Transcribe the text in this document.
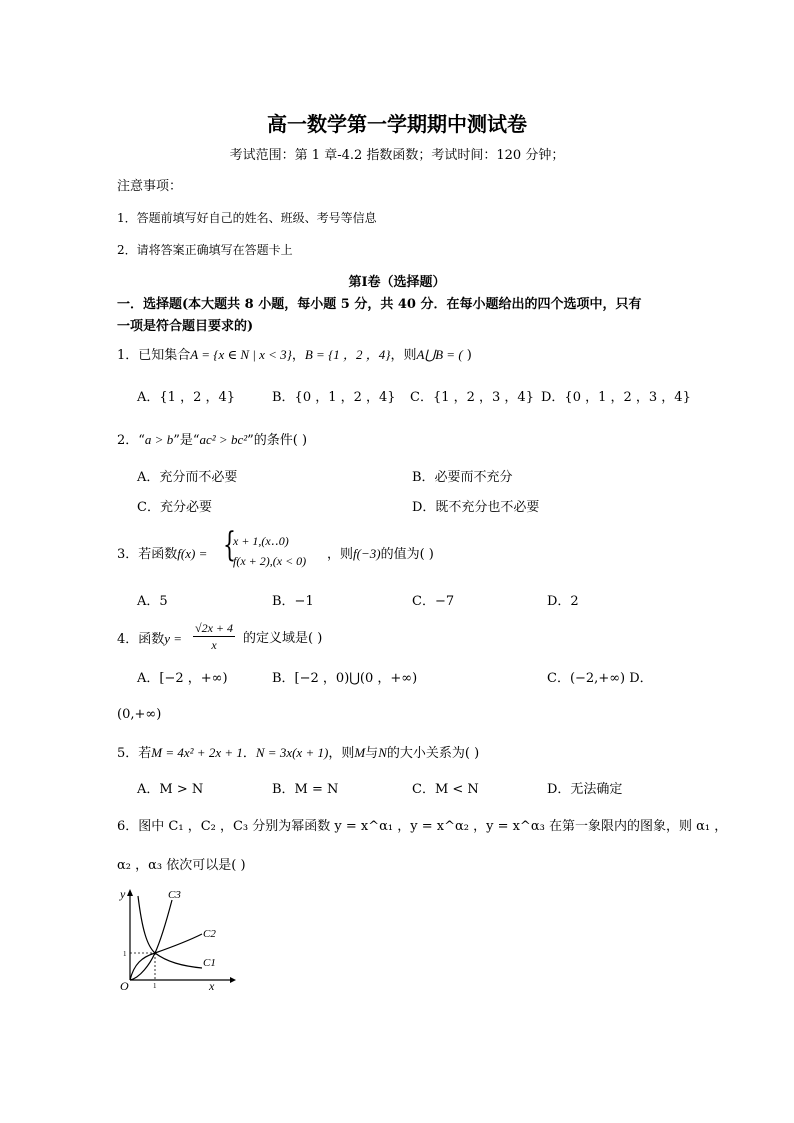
高一数学第一学期期中测试卷
考试范围：第 1 章-4.2 指数函数；考试时间：120 分钟；
注意事项：
1．答题前填写好自己的姓名、班级、考号等信息
2．请将答案正确填写在答题卡上
第Ⅰ卷（选择题）
一．选择题(本大题共 8 小题，每小题 5 分，共 40 分．在每小题给出的四个选项中，只有
一项是符合题目要求的)
1．已知集合A = {x ∈ N | x < 3}，B = {1 ，2 ，4}，则A⋃B = ( )
A．{1 ，2 ，4}	B．{0 ，1 ，2 ，4} C．{1 ，2 ，3 ，4} D．{0 ，1 ，2 ，3 ，4}
2．“a > b”是“ac² > bc²”的条件( )
A．充分而不必要	B．必要而不充分
C．充分必要	D．既不充分也不必要
3．若函数f(x) = {
x + 1,(x‥0)
f(x + 2),(x < 0) ，则f(−3)的值为( )
A．5	B．−1	C．−7	D．2
4．函数$y = \frac{√2x + 4}{x}$ 的定义域是( )
A．[−2 ，+∞)	B．[−2 ，0)⋃(0 ，+∞)	C．(−2,+∞) D．
(0,+∞)
5．若M = 4x² + 2x + 1．N = 3x(x + 1)，则M与N的大小关系为( )
A．M > N	B．M = N	C．M < N	D．无法确定
6．图中 C₁ ，C₂ ，C₃ 分别为幂函数 y = x^α₁ ，y = x^α₂ ，y = x^α₃ 在第一象限内的图象，则 α₁ ，
α₂ ，α₃ 依次可以是( )
y
x
O	1
1
C3
C2
C1
